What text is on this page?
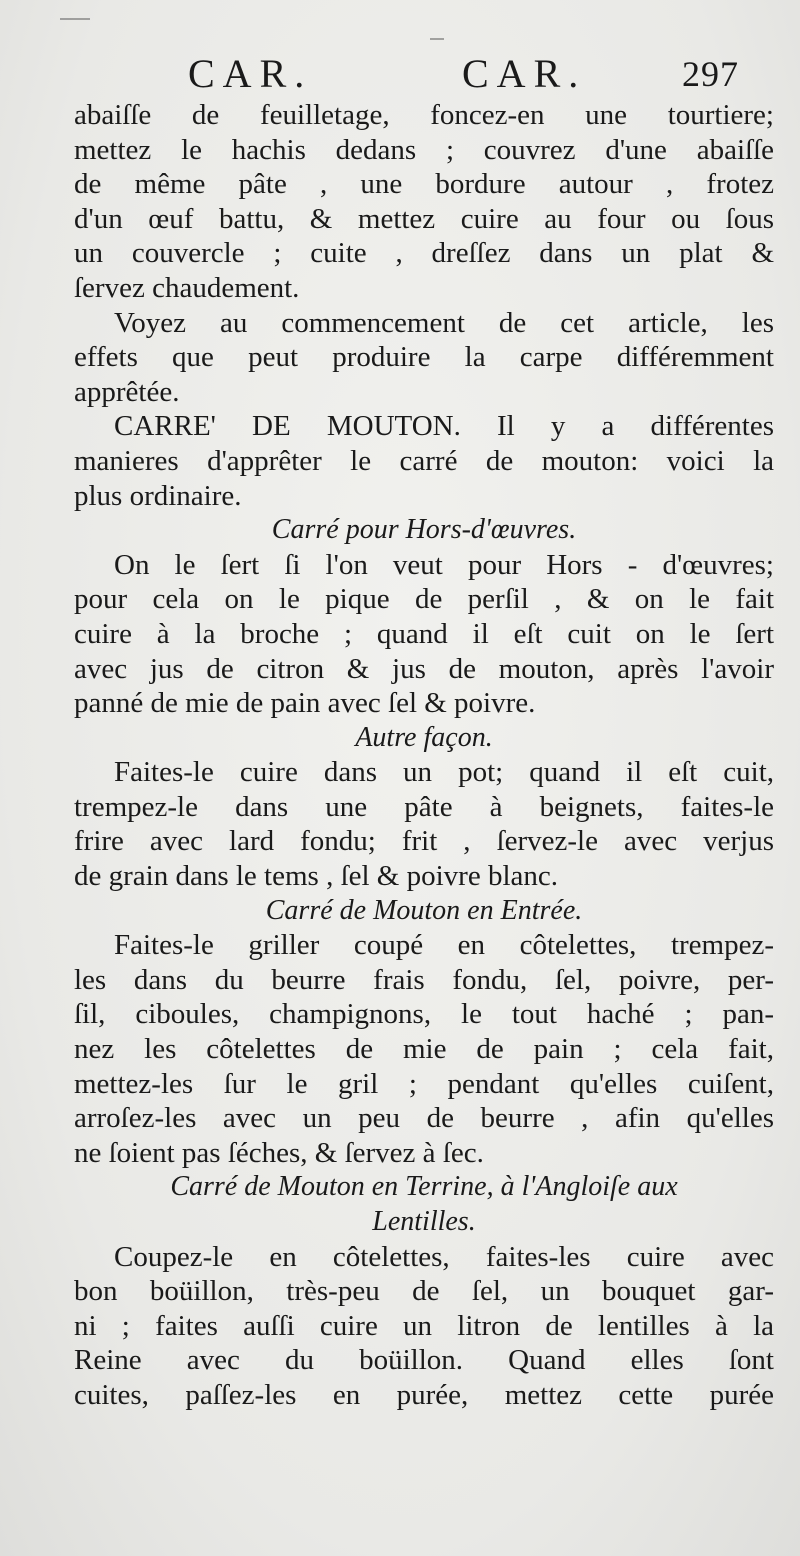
CAR.	CAR.	297
abaiſſe de feuilletage, foncez-en une tourtiere;
mettez le hachis dedans ; couvrez d'une abaiſſe
de même pâte , une bordure autour , frotez
d'un œuf battu, & mettez cuire au four ou ſous
un couvercle ; cuite , dreſſez dans un plat &
ſervez chaudement.
Voyez au commencement de cet article, les
effets que peut produire la carpe différemment
apprêtée.
CARRE' DE MOUTON. Il y a différentes
manieres d'apprêter le carré de mouton: voici la
plus ordinaire.
Carré pour Hors-d'œuvres.
On le ſert ſi l'on veut pour Hors - d'œuvres;
pour cela on le pique de perſil , & on le fait
cuire à la broche ; quand il eſt cuit on le ſert
avec jus de citron & jus de mouton, après l'avoir
panné de mie de pain avec ſel & poivre.
Autre façon.
Faites-le cuire dans un pot; quand il eſt cuit,
trempez-le dans une pâte à beignets, faites-le
frire avec lard fondu; frit , ſervez-le avec verjus
de grain dans le tems , ſel & poivre blanc.
Carré de Mouton en Entrée.
Faites-le griller coupé en côtelettes, trempez-
les dans du beurre frais fondu, ſel, poivre, per-
ſil, ciboules, champignons, le tout haché ; pan-
nez les côtelettes de mie de pain ; cela fait,
mettez-les ſur le gril ; pendant qu'elles cuiſent,
arroſez-les avec un peu de beurre , afin qu'elles
ne ſoient pas ſéches, & ſervez à ſec.
Carré de Mouton en Terrine, à l'Angloiſe aux
Lentilles.
Coupez-le en côtelettes, faites-les cuire avec
bon boüillon, très-peu de ſel, un bouquet gar-
ni ; faites auſſi cuire un litron de lentilles à la
Reine avec du boüillon. Quand elles ſont
cuites, paſſez-les en purée, mettez cette purée
